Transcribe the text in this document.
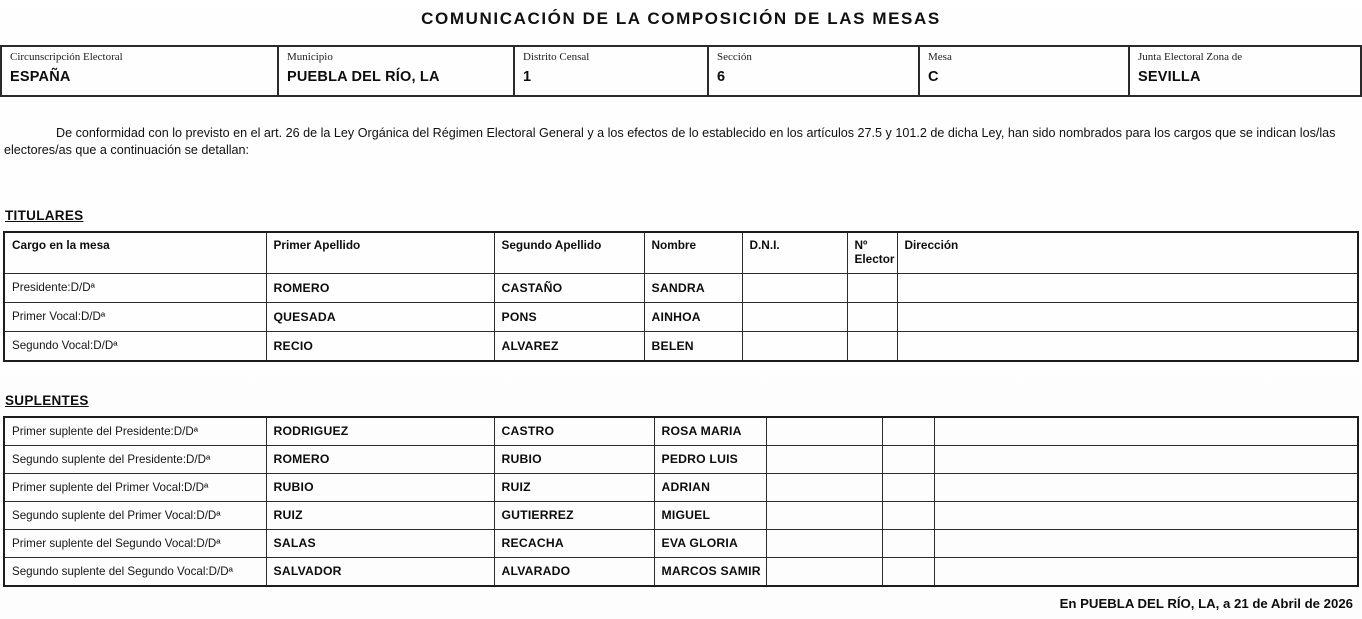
COMUNICACIÓN DE LA COMPOSICIÓN DE LAS MESAS
Circunscripción Electoral
ESPAÑA

Municipio
PUEBLA DEL RÍO, LA

Distrito Censal
1

Sección
6

Mesa
C

Junta Electoral Zona de
SEVILLA

De conformidad con lo previsto en el art. 26 de la Ley Orgánica del Régimen Electoral General y a los efectos de lo establecido en los artículos 27.5 y 101.2 de dicha Ley, han sido nombrados para los cargos que se indican los/las electores/as que a continuación se detallan:

TITULARES
Cargo en la mesa	Primer Apellido	Segundo Apellido	Nombre	D.N.I.	Nº Elector	Dirección
Presidente:D/Dª	ROMERO	CASTAÑO	SANDRA			
Primer Vocal:D/Dª	QUESADA	PONS	AINHOA			
Segundo Vocal:D/Dª	RECIO	ALVAREZ	BELEN			
SUPLENTES
Primer suplente del Presidente:D/Dª	RODRIGUEZ	CASTRO	ROSA MARIA			
Segundo suplente del Presidente:D/Dª	ROMERO	RUBIO	PEDRO LUIS			
Primer suplente del Primer Vocal:D/Dª	RUBIO	RUIZ	ADRIAN			
Segundo suplente del Primer Vocal:D/Dª	RUIZ	GUTIERREZ	MIGUEL			
Primer suplente del Segundo Vocal:D/Dª	SALAS	RECACHA	EVA GLORIA			
Segundo suplente del Segundo Vocal:D/Dª	SALVADOR	ALVARADO	MARCOS SAMIR			
En PUEBLA DEL RÍO, LA, a 21 de Abril de 2026
